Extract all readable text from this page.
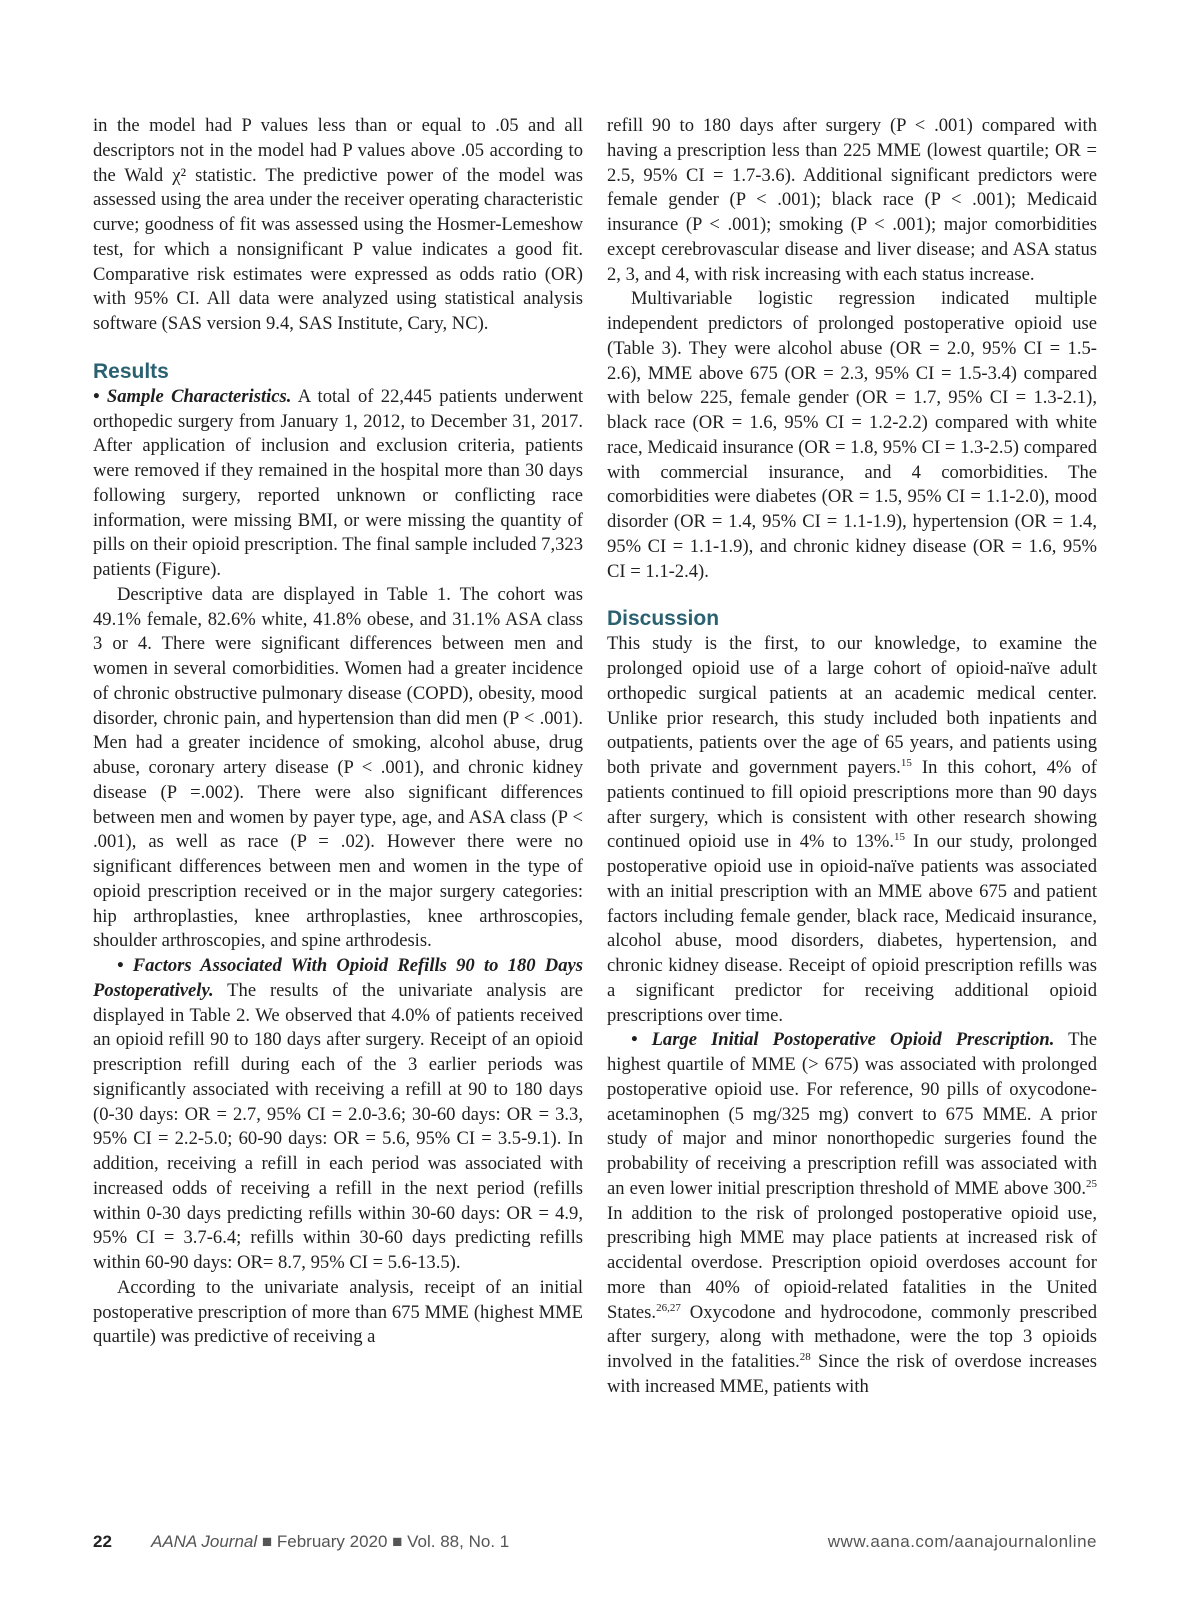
in the model had P values less than or equal to .05 and all descriptors not in the model had P values above .05 according to the Wald χ² statistic. The predictive power of the model was assessed using the area under the receiver operating characteristic curve; goodness of fit was assessed using the Hosmer-Lemeshow test, for which a nonsignificant P value indicates a good fit. Comparative risk estimates were expressed as odds ratio (OR) with 95% CI. All data were analyzed using statistical analysis software (SAS version 9.4, SAS Institute, Cary, NC).

Results

• Sample Characteristics. A total of 22,445 patients underwent orthopedic surgery from January 1, 2012, to December 31, 2017. After application of inclusion and exclusion criteria, patients were removed if they remained in the hospital more than 30 days following surgery, reported unknown or conflicting race information, were missing BMI, or were missing the quantity of pills on their opioid prescription. The final sample included 7,323 patients (Figure).

Descriptive data are displayed in Table 1. The cohort was 49.1% female, 82.6% white, 41.8% obese, and 31.1% ASA class 3 or 4. There were significant differences between men and women in several comorbidities. Women had a greater incidence of chronic obstructive pulmonary disease (COPD), obesity, mood disorder, chronic pain, and hypertension than did men (P < .001). Men had a greater incidence of smoking, alcohol abuse, drug abuse, coronary artery disease (P < .001), and chronic kidney disease (P =.002). There were also significant differences between men and women by payer type, age, and ASA class (P < .001), as well as race (P = .02). However there were no significant differences between men and women in the type of opioid prescription received or in the major surgery categories: hip arthroplasties, knee arthroplasties, knee arthroscopies, shoulder arthroscopies, and spine arthrodesis.

• Factors Associated With Opioid Refills 90 to 180 Days Postoperatively. The results of the univariate analysis are displayed in Table 2. We observed that 4.0% of patients received an opioid refill 90 to 180 days after surgery. Receipt of an opioid prescription refill during each of the 3 earlier periods was significantly associated with receiving a refill at 90 to 180 days (0-30 days: OR = 2.7, 95% CI = 2.0-3.6; 30-60 days: OR = 3.3, 95% CI = 2.2-5.0; 60-90 days: OR = 5.6, 95% CI = 3.5-9.1). In addition, receiving a refill in each period was associated with increased odds of receiving a refill in the next period (refills within 0-30 days predicting refills within 30-60 days: OR = 4.9, 95% CI = 3.7-6.4; refills within 30-60 days predicting refills within 60-90 days: OR= 8.7, 95% CI = 5.6-13.5).

According to the univariate analysis, receipt of an initial postoperative prescription of more than 675 MME (highest MME quartile) was predictive of receiving a

refill 90 to 180 days after surgery (P < .001) compared with having a prescription less than 225 MME (lowest quartile; OR = 2.5, 95% CI = 1.7-3.6). Additional significant predictors were female gender (P < .001); black race (P < .001); Medicaid insurance (P < .001); smoking (P < .001); major comorbidities except cerebrovascular disease and liver disease; and ASA status 2, 3, and 4, with risk increasing with each status increase.

Multivariable logistic regression indicated multiple independent predictors of prolonged postoperative opioid use (Table 3). They were alcohol abuse (OR = 2.0, 95% CI = 1.5-2.6), MME above 675 (OR = 2.3, 95% CI = 1.5-3.4) compared with below 225, female gender (OR = 1.7, 95% CI = 1.3-2.1), black race (OR = 1.6, 95% CI = 1.2-2.2) compared with white race, Medicaid insurance (OR = 1.8, 95% CI = 1.3-2.5) compared with commercial insurance, and 4 comorbidities. The comorbidities were diabetes (OR = 1.5, 95% CI = 1.1-2.0), mood disorder (OR = 1.4, 95% CI = 1.1-1.9), hypertension (OR = 1.4, 95% CI = 1.1-1.9), and chronic kidney disease (OR = 1.6, 95% CI = 1.1-2.4).

Discussion

This study is the first, to our knowledge, to examine the prolonged opioid use of a large cohort of opioid-naïve adult orthopedic surgical patients at an academic medical center. Unlike prior research, this study included both inpatients and outpatients, patients over the age of 65 years, and patients using both private and government payers.$^{15}$ In this cohort, 4% of patients continued to fill opioid prescriptions more than 90 days after surgery, which is consistent with other research showing continued opioid use in 4% to 13%.$^{15}$ In our study, prolonged postoperative opioid use in opioid-naïve patients was associated with an initial prescription with an MME above 675 and patient factors including female gender, black race, Medicaid insurance, alcohol abuse, mood disorders, diabetes, hypertension, and chronic kidney disease. Receipt of opioid prescription refills was a significant predictor for receiving additional opioid prescriptions over time.

• Large Initial Postoperative Opioid Prescription. The highest quartile of MME (> 675) was associated with prolonged postoperative opioid use. For reference, 90 pills of oxycodone-acetaminophen (5 mg/325 mg) convert to 675 MME. A prior study of major and minor nonorthopedic surgeries found the probability of receiving a prescription refill was associated with an even lower initial prescription threshold of MME above 300.25 In addition to the risk of prolonged postoperative opioid use, prescribing high MME may place patients at increased risk of accidental overdose. Prescription opioid overdoses account for more than 40% of opioid-related fatalities in the United States.$^{26,27}$ Oxycodone and hydrocodone, commonly prescribed after surgery, along with methadone, were the top 3 opioids involved in the fatalities.$^{28}$ Since the risk of overdose increases with increased MME, patients with

22 AANA Journal ■ February 2020 ■ Vol. 88, No. 1	www.aana.com/aanajournalonline
